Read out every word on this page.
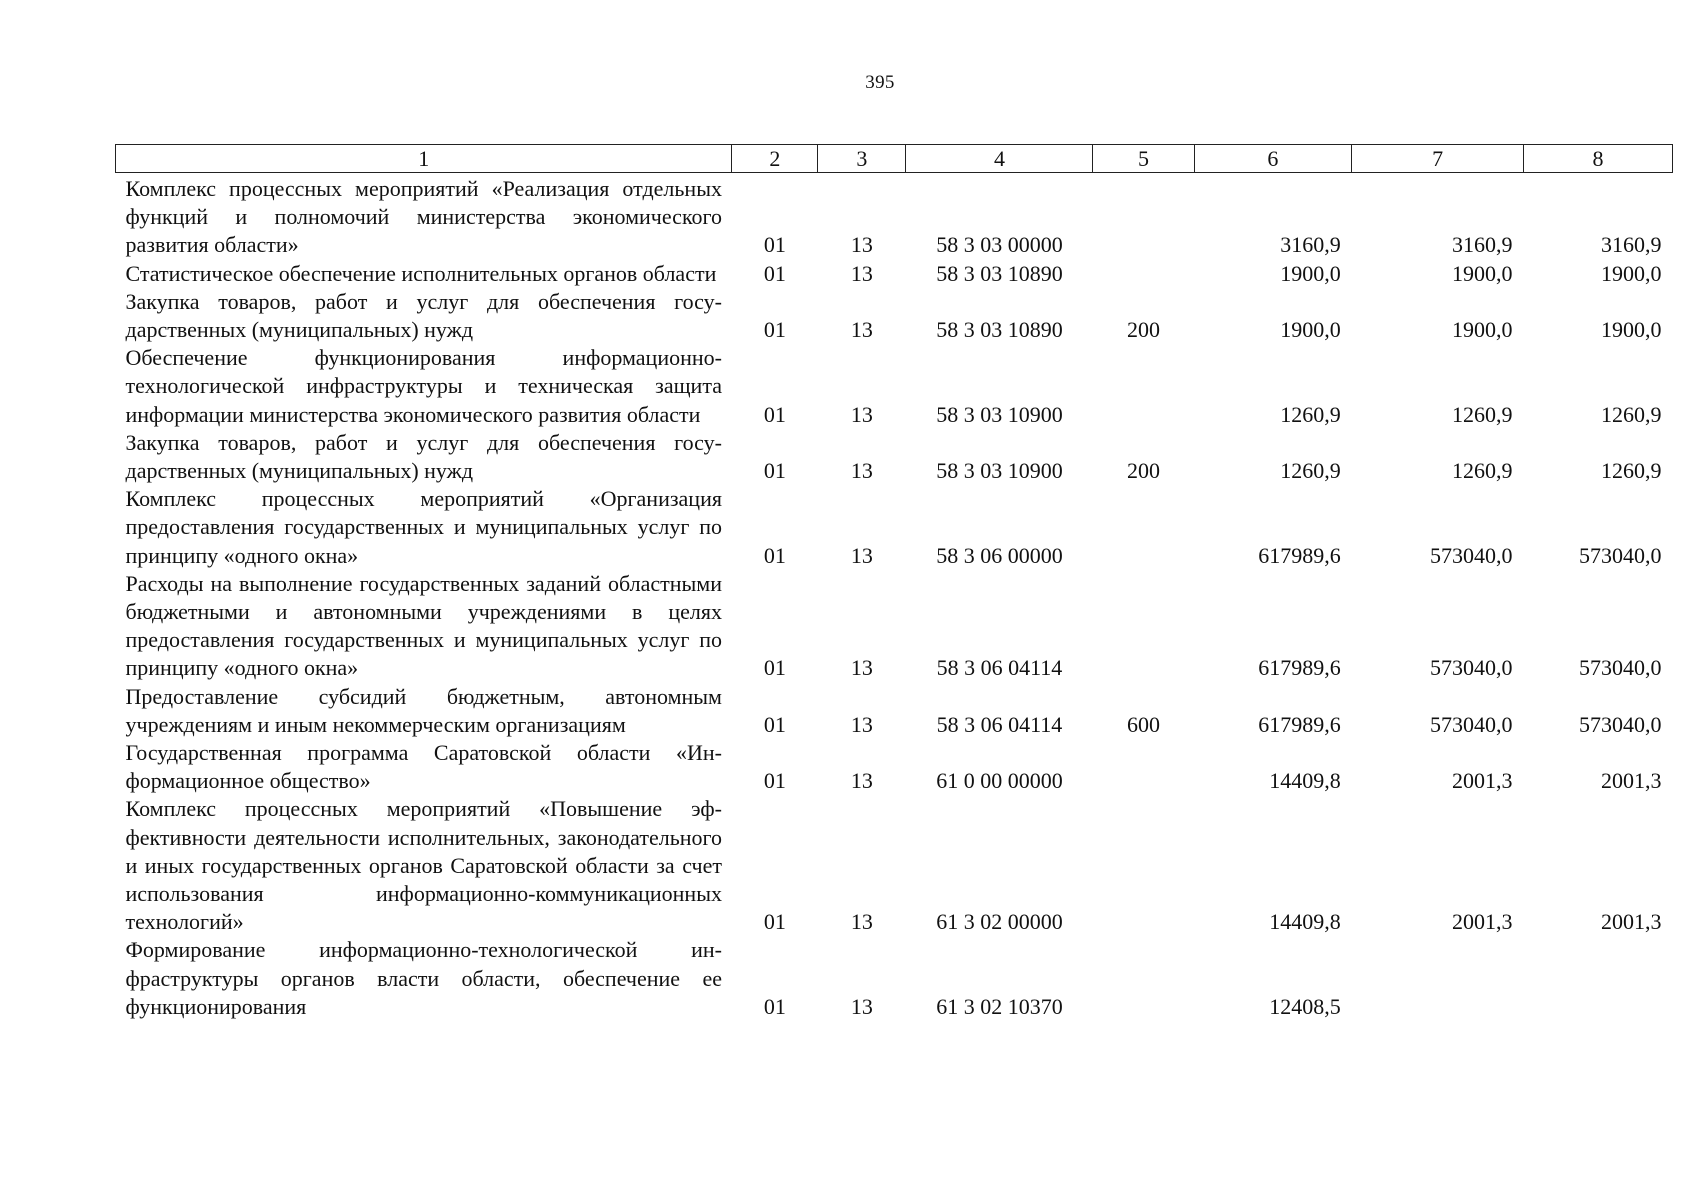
395
1	2	3	4	5	6	7	8
Комплекс процессных мероприятий «Реализация отдельных функций и полномочий министерства экономического развития области»	01	13	58 3 03 00000		3160,9	3160,9	3160,9
Статистическое обеспечение исполнительных органов области	01	13	58 3 03 10890		1900,0	1900,0	1900,0
Закупка товаров, работ и услуг для обеспечения государственных (муниципальных) нужд	01	13	58 3 03 10890	200	1900,0	1900,0	1900,0
Обеспечение функционирования информационно-технологической инфраструктуры и техническая защита информации министерства экономического развития области	01	13	58 3 03 10900		1260,9	1260,9	1260,9
Закупка товаров, работ и услуг для обеспечения государственных (муниципальных) нужд	01	13	58 3 03 10900	200	1260,9	1260,9	1260,9
Комплекс процессных мероприятий «Организация предоставления государственных и муниципальных услуг по принципу «одного окна»	01	13	58 3 06 00000		617989,6	573040,0	573040,0
Расходы на выполнение государственных заданий областными бюджетными и автономными учреждениями в целях предоставления государственных и муниципальных услуг по принципу «одного окна»	01	13	58 3 06 04114		617989,6	573040,0	573040,0
Предоставление субсидий бюджетным, автономным учреждениям и иным некоммерческим организациям	01	13	58 3 06 04114	600	617989,6	573040,0	573040,0
Государственная программа Саратовской области «Информационное общество»	01	13	61 0 00 00000		14409,8	2001,3	2001,3
Комплекс процессных мероприятий «Повышение эффективности деятельности исполнительных, законодательного и иных государственных органов Саратовской области за счет использования информационно-коммуникационных технологий»	01	13	61 3 02 00000		14409,8	2001,3	2001,3
Формирование информационно-технологической инфраструктуры органов власти области, обеспечение ее функционирования	01	13	61 3 02 10370		12408,5		
